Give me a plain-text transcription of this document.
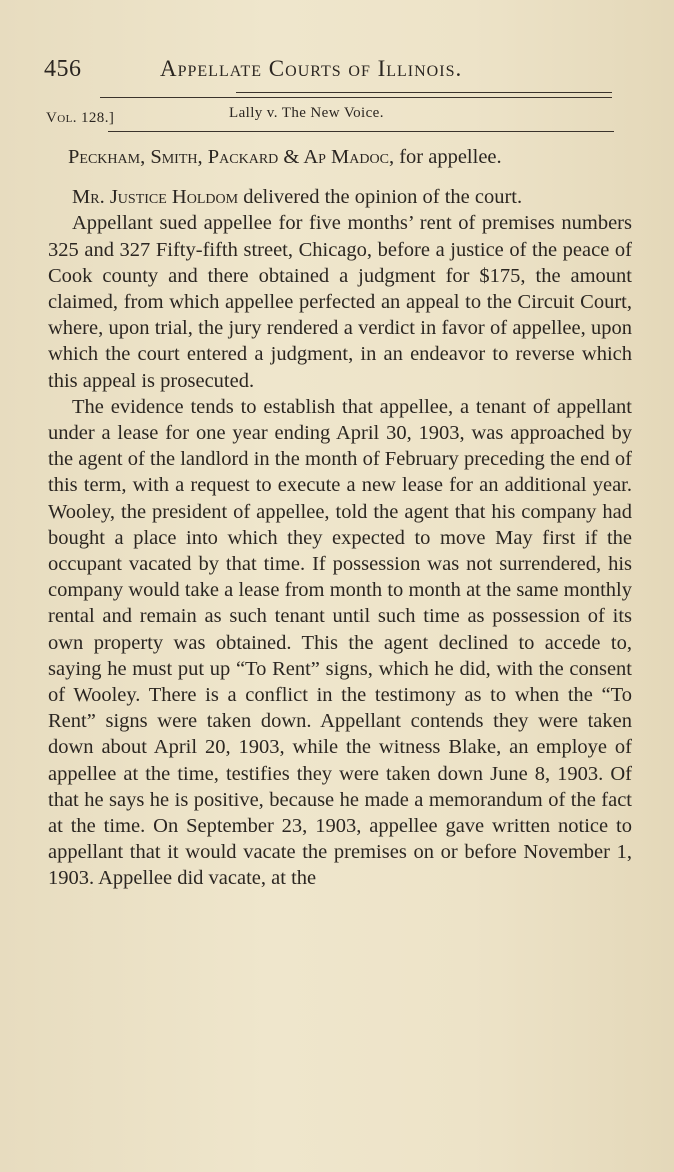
456	Appellate Courts of Illinois.
Vol. 128.]	Lally v. The New Voice.

Peckham, Smith, Packard & Ap Madoc, for appellee.

Mr. Justice Holdom delivered the opinion of the court.

Appellant sued appellee for five months’ rent of premises numbers 325 and 327 Fifty-fifth street, Chicago, before a justice of the peace of Cook county and there obtained a judgment for $175, the amount claimed, from which appellee perfected an appeal to the Circuit Court, where, upon trial, the jury rendered a verdict in favor of appellee, upon which the court entered a judgment, in an endeavor to reverse which this appeal is prosecuted.

The evidence tends to establish that appellee, a tenant of appellant under a lease for one year ending April 30, 1903, was approached by the agent of the landlord in the month of February preceding the end of this term, with a request to execute a new lease for an additional year. Wooley, the president of appellee, told the agent that his company had bought a place into which they expected to move May first if the occupant vacated by that time. If possession was not surrendered, his company would take a lease from month to month at the same monthly rental and remain as such tenant until such time as possession of its own property was obtained. This the agent declined to accede to, saying he must put up “To Rent” signs, which he did, with the consent of Wooley. There is a conflict in the testimony as to when the “To Rent” signs were taken down. Appellant contends they were taken down about April 20, 1903, while the witness Blake, an employe of appellee at the time, testifies they were taken down June 8, 1903. Of that he says he is positive, because he made a memorandum of the fact at the time. On September 23, 1903, appellee gave written notice to appellant that it would vacate the premises on or before November 1, 1903. Appellee did vacate, at the
